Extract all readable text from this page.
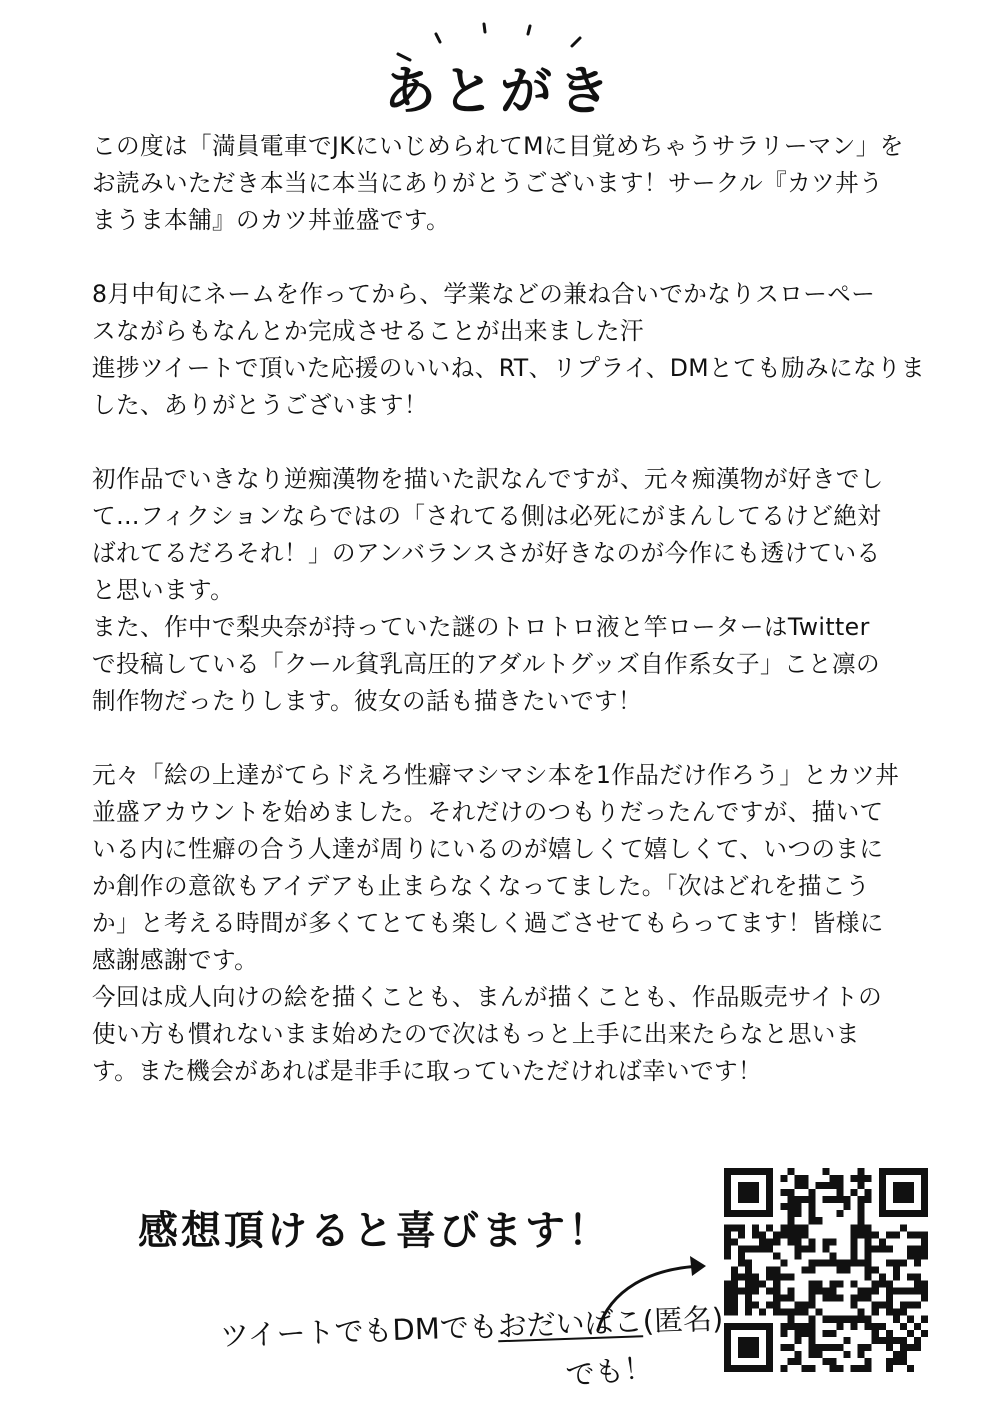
あとがき
この度は「満員電車でJKにいじめられてMに目覚めちゃうサラリーマン」を
お読みいただき本当に本当にありがとうございます！サークル『カツ丼う
まうま本舗』のカツ丼並盛です。
8月中旬にネームを作ってから、学業などの兼ね合いでかなりスローペー
スながらもなんとか完成させることが出来ました汗
進捗ツイートで頂いた応援のいいね、RT、リプライ、DMとても励みになりま
した、ありがとうございます！
初作品でいきなり逆痴漢物を描いた訳なんですが、元々痴漢物が好きでし
て…フィクションならではの「されてる側は必死にがまんしてるけど絶対
ばれてるだろそれ！」のアンバランスさが好きなのが今作にも透けている
と思います。
また、作中で梨央奈が持っていた謎のトロトロ液と竿ローターはTwitter
で投稿している「クール貧乳高圧的アダルトグッズ自作系女子」こと凛の
制作物だったりします。彼女の話も描きたいです！
元々「絵の上達がてらドえろ性癖マシマシ本を1作品だけ作ろう」とカツ丼
並盛アカウントを始めました。それだけのつもりだったんですが、描いて
いる内に性癖の合う人達が周りにいるのが嬉しくて嬉しくて、いつのまに
か創作の意欲もアイデアも止まらなくなってました。「次はどれを描こう
か」と考える時間が多くてとても楽しく過ごさせてもらってます！皆様に
感謝感謝です。
今回は成人向けの絵を描くことも、まんが描くことも、作品販売サイトの
使い方も慣れないまま始めたので次はもっと上手に出来たらなと思いま
す。また機会があれば是非手に取っていただければ幸いです！
感想頂けると喜びます！
ツイートでもDMでもおだいばこ(匿名)
でも！
